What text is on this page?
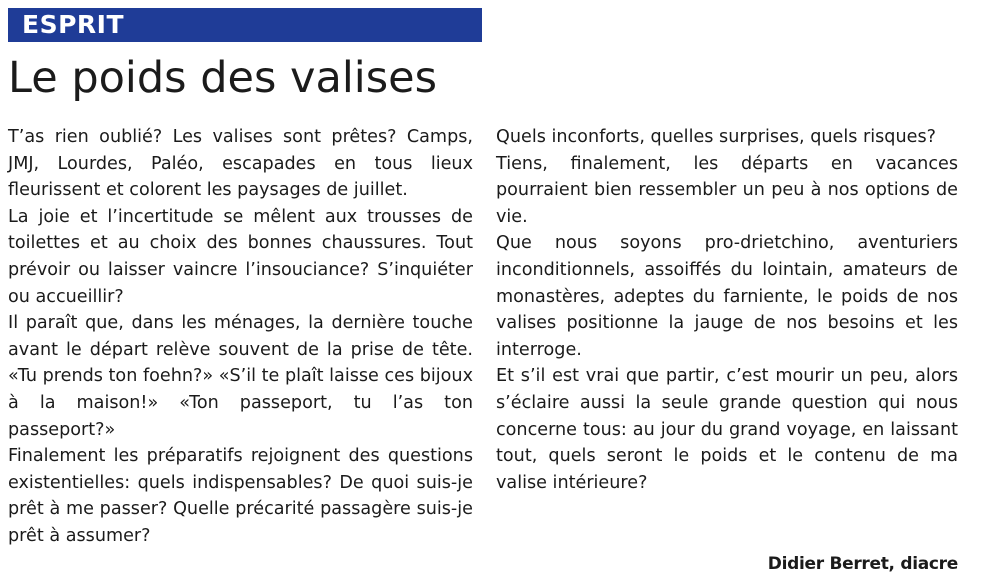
ESPRIT
Le poids des valises

T’as rien oublié? Les valises sont prêtes? Camps, JMJ, Lourdes, Paléo, escapades en tous lieux fleurissent et colorent les paysages de juillet.

La joie et l’incertitude se mêlent aux trousses de toilettes et au choix des bonnes chaussures. Tout prévoir ou laisser vaincre l’insouciance? S’inquiéter ou accueillir?

Il paraît que, dans les ménages, la dernière touche avant le départ relève souvent de la prise de tête. «Tu prends ton foehn?» «S’il te plaît laisse ces bijoux à la maison!» «Ton passeport, tu l’as ton passeport?»

Finalement les préparatifs rejoignent des questions existentielles: quels indispensables? De quoi suis-je prêt à me passer? Quelle précarité passagère suis-je prêt à assumer?

Quels inconforts, quelles surprises, quels risques?

Tiens, finalement, les départs en vacances pourraient bien ressembler un peu à nos options de vie.

Que nous soyons pro-drietchino, aventuriers inconditionnels, assoiffés du lointain, amateurs de monastères, adeptes du farniente, le poids de nos valises positionne la jauge de nos besoins et les interroge.

Et s’il est vrai que partir, c’est mourir un peu, alors s’éclaire aussi la seule grande question qui nous concerne tous: au jour du grand voyage, en laissant tout, quels seront le poids et le contenu de ma valise intérieure?

Didier Berret, diacre
